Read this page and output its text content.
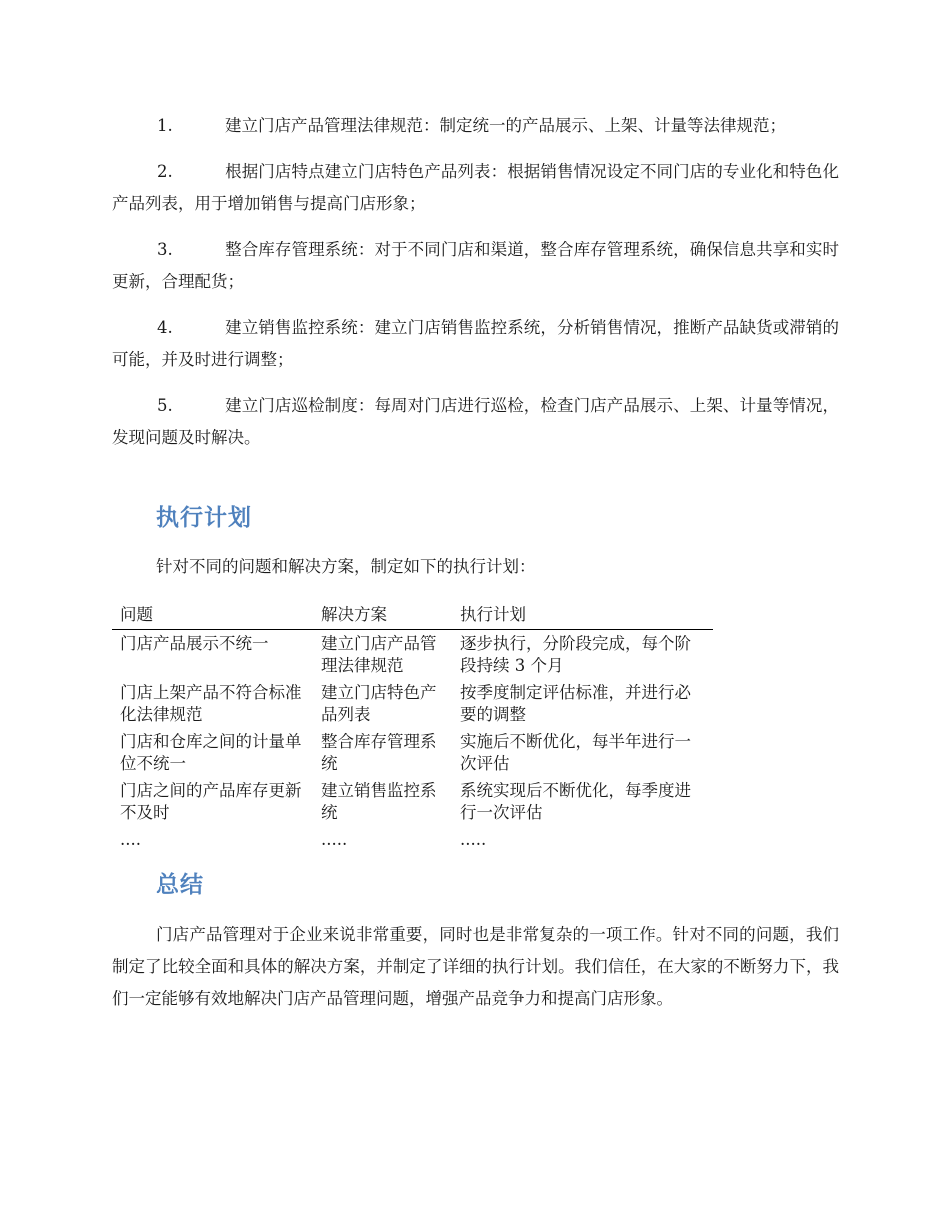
1.	建立门店产品管理法律规范：制定统一的产品展示、上架、计量等法律规范；
2.	根据门店特点建立门店特色产品列表：根据销售情况设定不同门店的专业化和特色化产品列表，用于增加销售与提高门店形象；
3.	整合库存管理系统：对于不同门店和渠道，整合库存管理系统，确保信息共享和实时更新，合理配货；
4.	建立销售监控系统：建立门店销售监控系统，分析销售情况，推断产品缺货或滞销的可能，并及时进行调整；
5.	建立门店巡检制度：每周对门店进行巡检，检查门店产品展示、上架、计量等情况，发现问题及时解决。
执行计划
针对不同的问题和解决方案，制定如下的执行计划：
问题	解决方案	执行计划
门店产品展示不统一	建立门店产品管理法律规范	逐步执行，分阶段完成，每个阶段持续 3 个月
门店上架产品不符合标准化法律规范	建立门店特色产品列表	按季度制定评估标准，并进行必要的调整
门店和仓库之间的计量单位不统一	整合库存管理系统	实施后不断优化，每半年进行一次评估
门店之间的产品库存更新不及时	建立销售监控系统	系统实现后不断优化，每季度进行一次评估
....	.....	.....
总结
门店产品管理对于企业来说非常重要，同时也是非常复杂的一项工作。针对不同的问题，我们制定了比较全面和具体的解决方案，并制定了详细的执行计划。我们信任，在大家的不断努力下，我们一定能够有效地解决门店产品管理问题，增强产品竞争力和提高门店形象。
